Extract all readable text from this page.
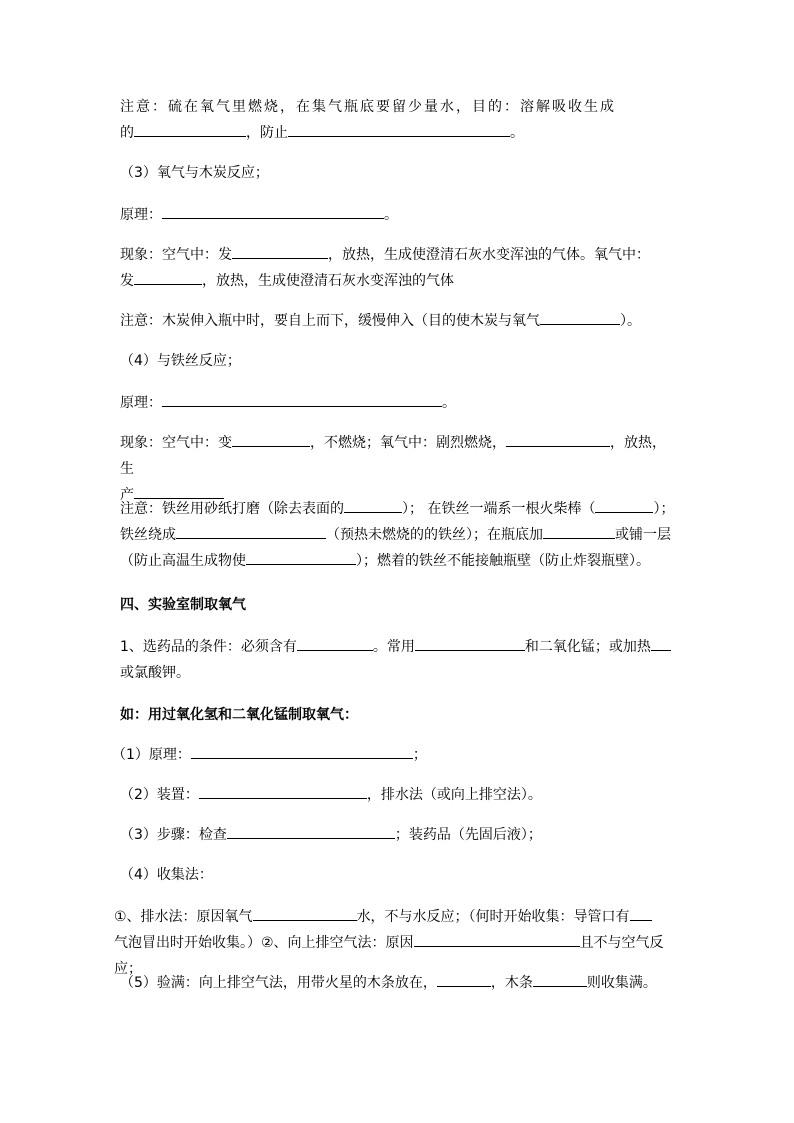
注意：硫在氧气里燃烧，在集气瓶底要留少量水，目的：溶解吸收生成
的	，防止	。

（3）氧气与木炭反应；

原理：	。

现象：空气中：发	，放热，生成使澄清石灰水变浑浊的气体。氧气中：
发	，放热，生成使澄清石灰水变浑浊的气体

注意：木炭伸入瓶中时，要自上而下，缓慢伸入（目的使木炭与氧气	）。

（4）与铁丝反应；

原理：	。

现象：空气中：变	，不燃烧；氧气中：剧烈燃烧，	，放热，生
产

注意：铁丝用砂纸打磨（除去表面的	）； 在铁丝一端系一根火柴棒（	）；
铁丝绕成	（预热未燃烧的的铁丝）；在瓶底加	或铺一层
（防止高温生成物使	）；燃着的铁丝不能接触瓶壁（防止炸裂瓶壁）。

四、实验室制取氧气

1、选药品的条件：必须含有	。常用	和二氧化锰；或加热
或氯酸钾。

如：用过氧化氢和二氧化锰制取氧气：

（1）原理：	；

（2）装置：	，排水法（或向上排空法）。

（3）步骤：检查	；装药品（先固后液）；

（4）收集法：

①、排水法：原因氧气	水，不与水反应；（何时开始收集：导管口有
气泡冒出时开始收集。）②、向上排空气法：原因	且不与空气反应；

（5）验满：向上排空气法，用带火星的木条放在，	，木条	则收集满。
